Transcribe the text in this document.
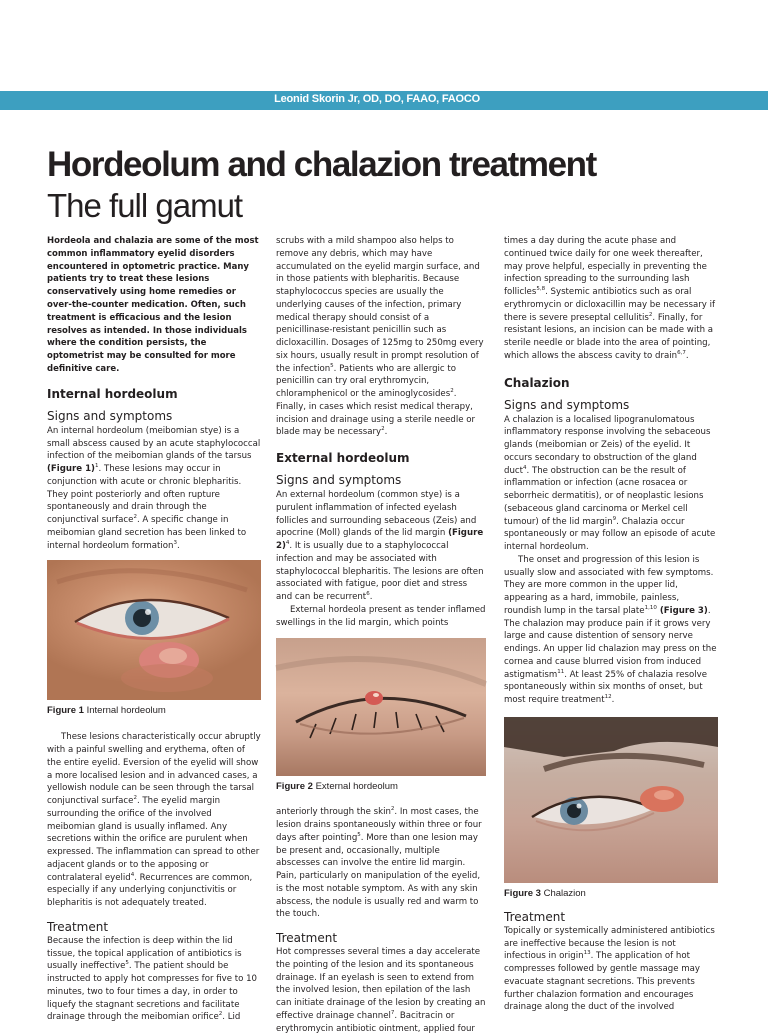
Leonid Skorin Jr, OD, DO, FAAO, FAOCO
Hordeolum and chalazion treatment
The full gamut

Hordeola and chalazia are some of the most common inflammatory eyelid disorders encountered in optometric practice. Many patients try to treat these lesions conservatively using home remedies or over-the-counter medication. Often, such treatment is efficacious and the lesion resolves as intended. In those individuals where the condition persists, the optometrist may be consulted for more definitive care.

Internal hordeolum
Signs and symptoms

An internal hordeolum (meibomian stye) is a small abscess caused by an acute staphylococcal infection of the meibomian glands of the tarsus (Figure 1)$^1$. These lesions may occur in conjunction with acute or chronic blepharitis. They point posteriorly and often rupture spontaneously and drain through the conjunctival surface$^2$. A specific change in meibomian gland secretion has been linked to internal hordeolum formation$^3$.

Figure 1 Internal hordeolum

These lesions characteristically occur abruptly with a painful swelling and erythema, often of the entire eyelid. Eversion of the eyelid will show a more localised lesion and in advanced cases, a yellowish nodule can be seen through the tarsal conjunctival surface$^2$. The eyelid margin surrounding the orifice of the involved meibomian gland is usually inflamed. Any secretions within the orifice are purulent when expressed. The inflammation can spread to other adjacent glands or to the apposing or contralateral eyelid$^4$. Recurrences are common, especially if any underlying conjunctivitis or blepharitis is not adequately treated.

Treatment

Because the infection is deep within the lid tissue, the topical application of antibiotics is usually ineffective$^5$. The patient should be instructed to apply hot compresses for five to 10 minutes, two to four times a day, in order to liquefy the stagnant secretions and facilitate drainage through the meibomian orifice$^2$. Lid

scrubs with a mild shampoo also helps to remove any debris, which may have accumulated on the eyelid margin surface, and in those patients with blepharitis. Because staphylococcus species are usually the underlying causes of the infection, primary medical therapy should consist of a penicillinase-resistant penicillin such as dicloxacillin. Dosages of 125mg to 250mg every six hours, usually result in prompt resolution of the infection$^5$. Patients who are allergic to penicillin can try oral erythromycin, chloramphenicol or the aminoglycosides$^2$. Finally, in cases which resist medical therapy, incision and drainage using a sterile needle or blade may be necessary$^2$.

External hordeolum
Signs and symptoms

An external hordeolum (common stye) is a purulent inflammation of infected eyelash follicles and surrounding sebaceous (Zeis) and apocrine (Moll) glands of the lid margin (Figure 2)$^4$. It is usually due to a staphylococcal infection and may be associated with staphylococcal blepharitis. The lesions are often associated with fatigue, poor diet and stress and can be recurrent$^6$.

External hordeola present as tender inflamed swellings in the lid margin, which points

Figure 2 External hordeolum

anteriorly through the skin$^2$. In most cases, the lesion drains spontaneously within three or four days after pointing$^5$. More than one lesion may be present and, occasionally, multiple abscesses can involve the entire lid margin. Pain, particularly on manipulation of the eyelid, is the most notable symptom. As with any skin abscess, the nodule is usually red and warm to the touch.

Treatment

Hot compresses several times a day accelerate the pointing of the lesion and its spontaneous drainage. If an eyelash is seen to extend from the involved lesion, then epilation of the lash can initiate drainage of the lesion by creating an effective drainage channel$^7$. Bacitracin or erythromycin antibiotic ointment, applied four

times a day during the acute phase and continued twice daily for one week thereafter, may prove helpful, especially in preventing the infection spreading to the surrounding lash follicles$^{5,8}$. Systemic antibiotics such as oral erythromycin or dicloxacillin may be necessary if there is severe preseptal cellulitis$^2$. Finally, for resistant lesions, an incision can be made with a sterile needle or blade into the area of pointing, which allows the abscess cavity to drain$^{6,7}$.

Chalazion
Signs and symptoms

A chalazion is a localised lipogranulomatous inflammatory response involving the sebaceous glands (meibomian or Zeis) of the eyelid. It occurs secondary to obstruction of the gland duct$^4$. The obstruction can be the result of inflammation or infection (acne rosacea or seborrheic dermatitis), or of neoplastic lesions (sebaceous gland carcinoma or Merkel cell tumour) of the lid margin$^9$. Chalazia occur spontaneously or may follow an episode of acute internal hordeolum.

The onset and progression of this lesion is usually slow and associated with few symptoms. They are more common in the upper lid, appearing as a hard, immobile, painless, roundish lump in the tarsal plate$^{1,10}$ (Figure 3). The chalazion may produce pain if it grows very large and cause distention of sensory nerve endings. An upper lid chalazion may press on the cornea and cause blurred vision from induced astigmatism$^{11}$. At least 25% of chalazia resolve spontaneously within six months of onset, but most require treatment$^{12}$.

Figure 3 Chalazion
Treatment

Topically or systemically administered antibiotics are ineffective because the lesion is not infectious in origin$^{13}$. The application of hot compresses followed by gentle massage may evacuate stagnant secretions. This prevents further chalazion formation and encourages drainage along the duct of the involved
